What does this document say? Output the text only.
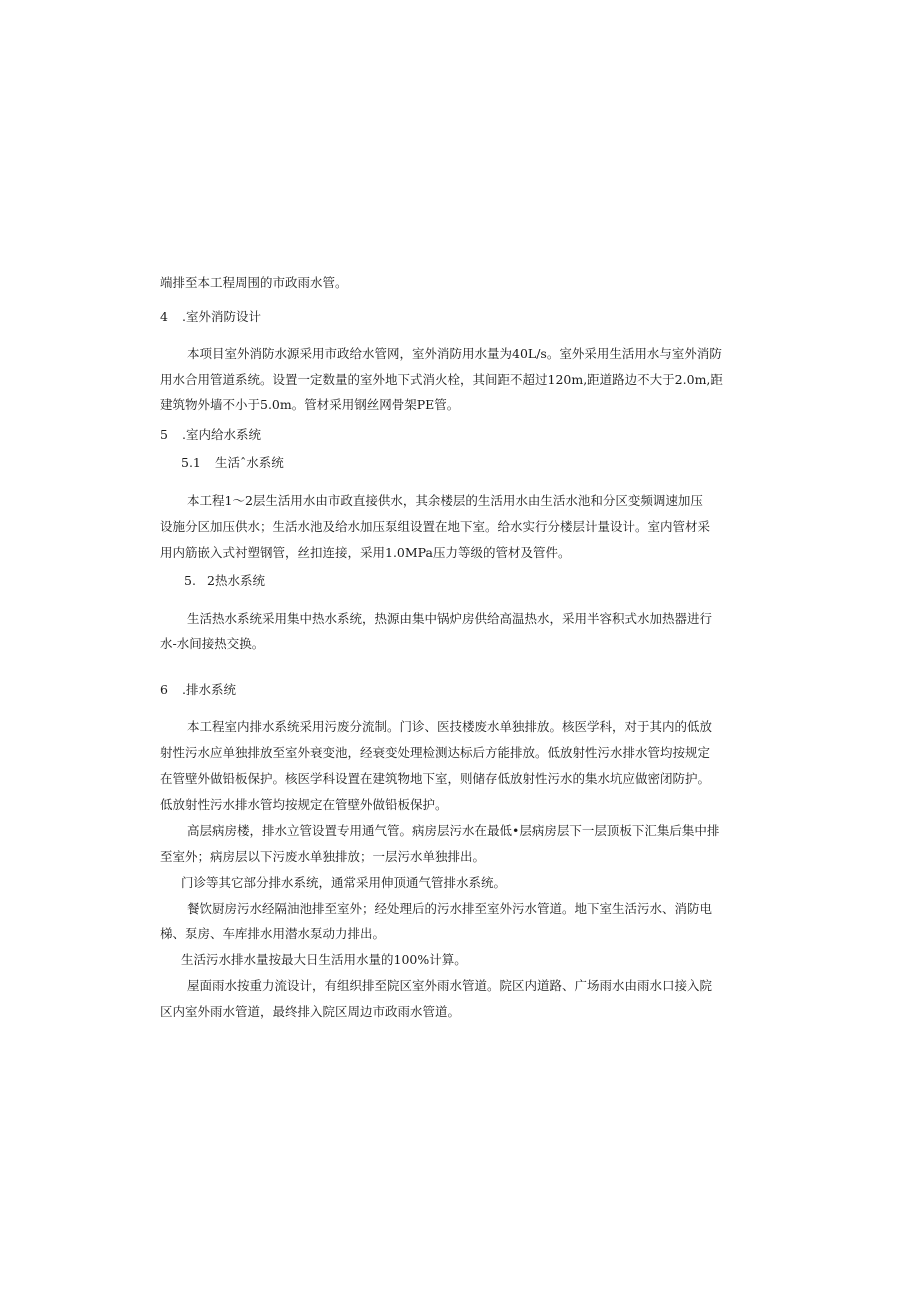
端排至本工程周围的市政雨水管。
4 .室外消防设计
本项目室外消防水源采用市政给水管网，室外消防用水量为40L/s。室外采用生活用水与室外消防
用水合用管道系统。设置一定数量的室外地下式消火栓，其间距不超过120m,距道路边不大于2.0m,距
建筑物外墙不小于5.0m。管材采用钢丝网骨架PE管。
5 .室内给水系统
5.1 生活ˆ水系统
本工程1～2层生活用水由市政直接供水，其余楼层的生活用水由生活水池和分区变频调速加压
设施分区加压供水；生活水池及给水加压泵组设置在地下室。给水实行分楼层计量设计。室内管材采
用内筋嵌入式衬塑钢管，丝扣连接，采用1.0MPa压力等级的管材及管件。
5. 2热水系统
生活热水系统采用集中热水系统，热源由集中锅炉房供给高温热水，采用半容积式水加热器进行
水-水间接热交换。
6 .排水系统
本工程室内排水系统采用污废分流制。门诊、医技楼废水单独排放。核医学科，对于其内的低放
射性污水应单独排放至室外衰变池，经衰变处理检测达标后方能排放。低放射性污水排水管均按规定
在管壁外做铅板保护。核医学科设置在建筑物地下室，则储存低放射性污水的集水坑应做密闭防护。
低放射性污水排水管均按规定在管壁外做铅板保护。
高层病房楼，排水立管设置专用通气管。病房层污水在最低•层病房层下一层顶板下汇集后集中排
至室外；病房层以下污废水单独排放；一层污水单独排出。
门诊等其它部分排水系统，通常采用伸顶通气管排水系统。
餐饮厨房污水经隔油池排至室外；经处理后的污水排至室外污水管道。地下室生活污水、消防电
梯、泵房、车库排水用潜水泵动力排出。
生活污水排水量按最大日生活用水量的100%计算。
屋面雨水按重力流设计，有组织排至院区室外雨水管道。院区内道路、广场雨水由雨水口接入院
区内室外雨水管道，最终排入院区周边市政雨水管道。
